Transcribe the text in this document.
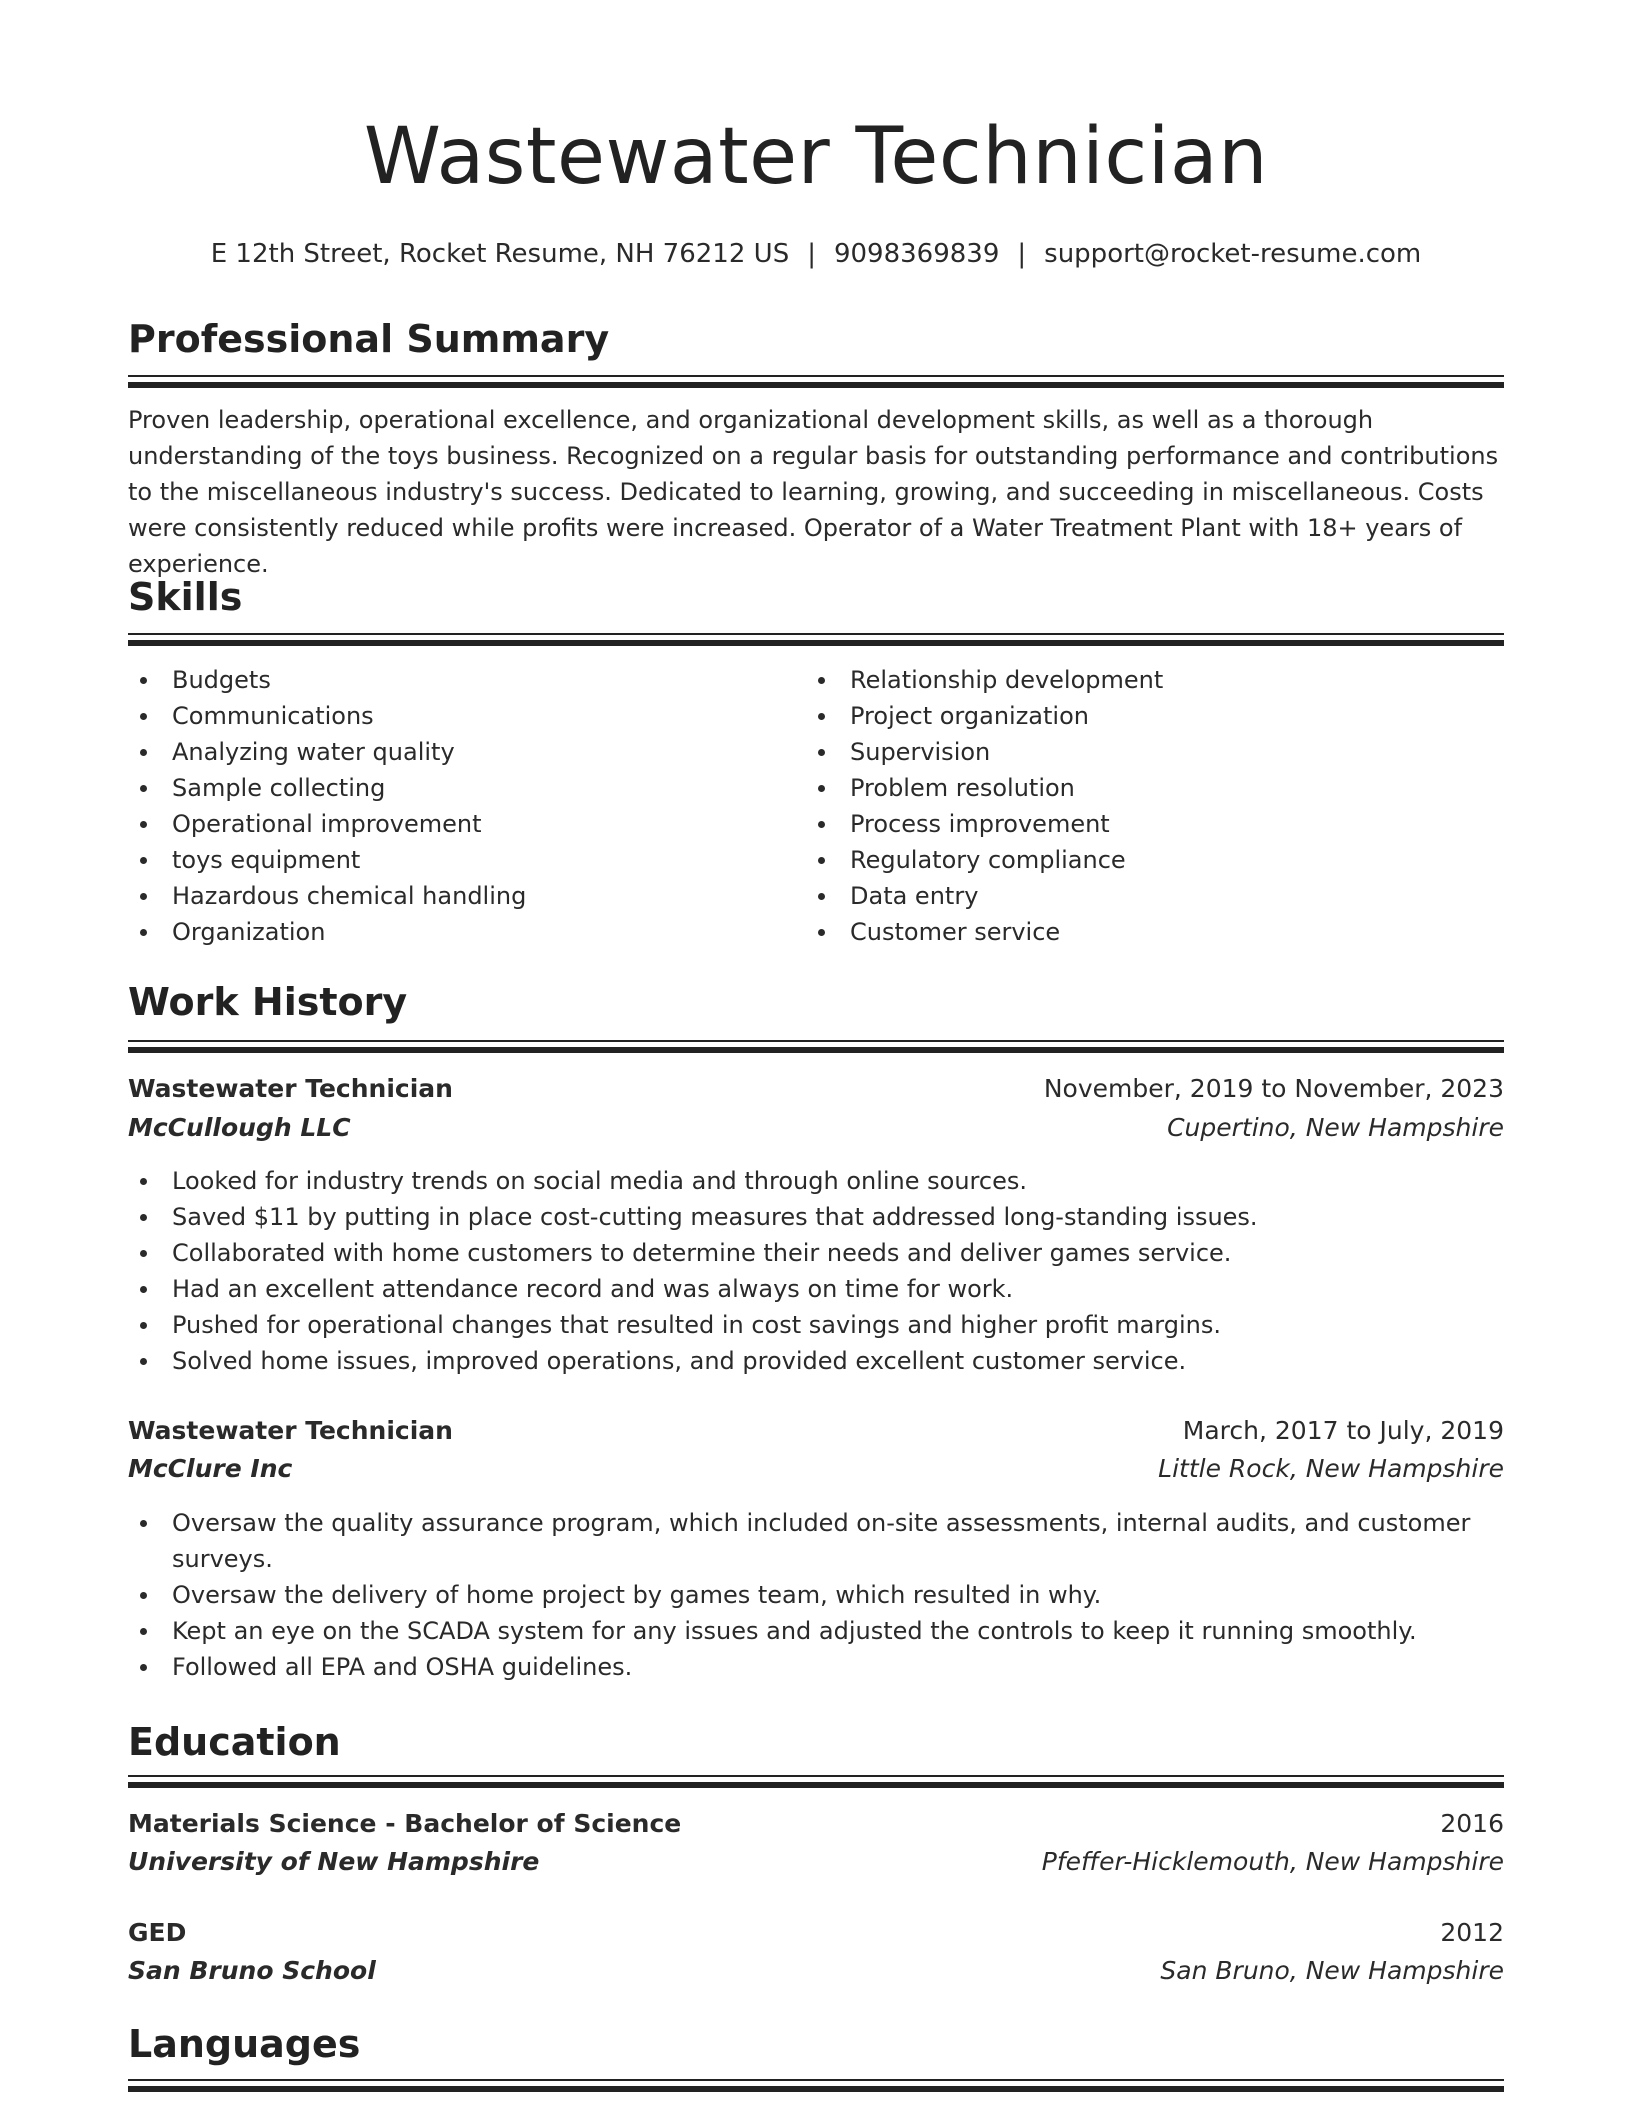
Wastewater Technician
E 12th Street, Rocket Resume, NH 76212 US | 9098369839 | support@rocket-resume.com
Professional Summary

Proven leadership, operational excellence, and organizational development skills, as well as a thorough understanding of the toys business. Recognized on a regular basis for outstanding performance and contributions to the miscellaneous industry's success. Dedicated to learning, growing, and succeeding in miscellaneous. Costs were consistently reduced while profits were increased. Operator of a Water Treatment Plant with 18+ years of experience.

Skills
Budgets
Communications
Analyzing water quality
Sample collecting
Operational improvement
toys equipment
Hazardous chemical handling
Organization
Relationship development
Project organization
Supervision
Problem resolution
Process improvement
Regulatory compliance
Data entry
Customer service
Work History
Wastewater Technician	November, 2019 to November, 2023
McCullough LLC	Cupertino, New Hampshire
Looked for industry trends on social media and through online sources.
Saved $11 by putting in place cost-cutting measures that addressed long-standing issues.
Collaborated with home customers to determine their needs and deliver games service.
Had an excellent attendance record and was always on time for work.
Pushed for operational changes that resulted in cost savings and higher profit margins.
Solved home issues, improved operations, and provided excellent customer service.
Wastewater Technician	March, 2017 to July, 2019
McClure Inc	Little Rock, New Hampshire
Oversaw the quality assurance program, which included on-site assessments, internal audits, and customer surveys.
Oversaw the delivery of home project by games team, which resulted in why.
Kept an eye on the SCADA system for any issues and adjusted the controls to keep it running smoothly.
Followed all EPA and OSHA guidelines.
Education
Materials Science - Bachelor of Science	2016
University of New Hampshire	Pfeffer-Hicklemouth, New Hampshire
GED	2012
San Bruno School	San Bruno, New Hampshire
Languages
